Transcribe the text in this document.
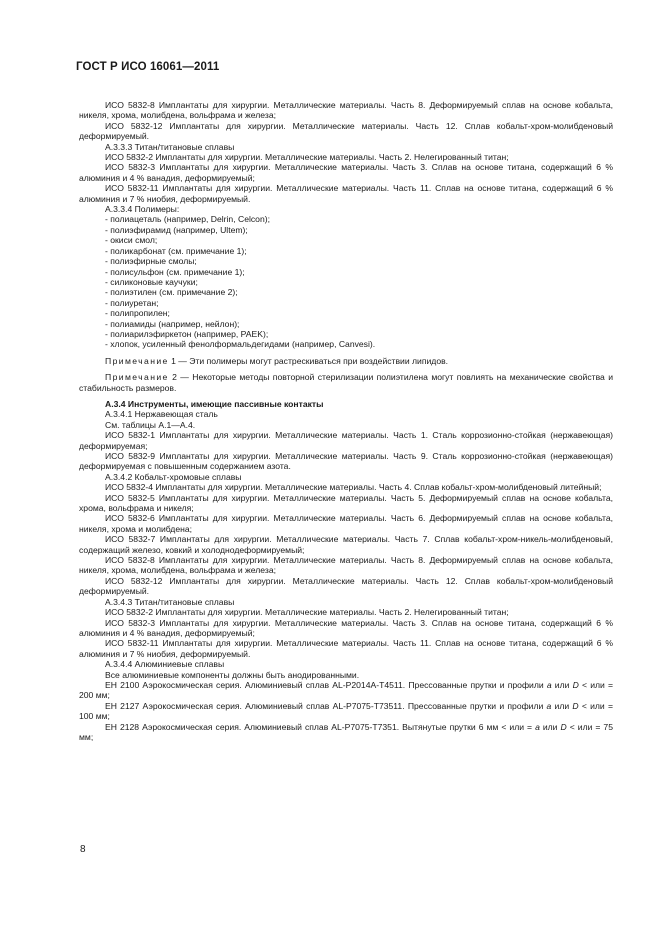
ГОСТ Р ИСО 16061—2011

ИСО 5832-8 Имплантаты для хирургии. Металлические материалы. Часть 8. Деформируемый сплав на основе кобальта, никеля, хрома, молибдена, вольфрама и железа;

ИСО 5832-12 Имплантаты для хирургии. Металлические материалы. Часть 12. Сплав кобальт-хром-молибденовый деформируемый.

А.3.3.3 Титан/титановые сплавы

ИСО 5832-2 Имплантаты для хирургии. Металлические материалы. Часть 2. Нелегированный титан;

ИСО 5832-3 Имплантаты для хирургии. Металлические материалы. Часть 3. Сплав на основе титана, содержащий 6 % алюминия и 4 % ванадия, деформируемый;

ИСО 5832-11 Имплантаты для хирургии. Металлические материалы. Часть 11. Сплав на основе титана, содержащий 6 % алюминия и 7 % ниобия, деформируемый.

А.3.3.4 Полимеры:

- полиацеталь (например, Delrin, Celcon);

- полиэфирамид (например, Ultem);

- окиси смол;

- поликарбонат (см. примечание 1);

- полиэфирные смолы;

- полисульфон (см. примечание 1);

- силиконовые каучуки;

- полиэтилен (см. примечание 2);

- полиуретан;

- полипропилен;

- полиамиды (например, нейлон);

- полиарилэфиркетон (например, PAEK);

- хлопок, усиленный фенолформальдегидами (например, Canvesi).

Примечание 1 — Эти полимеры могут растрескиваться при воздействии липидов.

Примечание 2 — Некоторые методы повторной стерилизации полиэтилена могут повлиять на механические свойства и стабильность размеров.

А.3.4 Инструменты, имеющие пассивные контакты

А.3.4.1 Нержавеющая сталь

См. таблицы А.1—А.4.

ИСО 5832-1 Имплантаты для хирургии. Металлические материалы. Часть 1. Сталь коррозионно-стойкая (нержавеющая) деформируемая;

ИСО 5832-9 Имплантаты для хирургии. Металлические материалы. Часть 9. Сталь коррозионно-стойкая (нержавеющая) деформируемая с повышенным содержанием азота.

А.3.4.2 Кобальт-хромовые сплавы

ИСО 5832-4 Имплантаты для хирургии. Металлические материалы. Часть 4. Сплав кобальт-хром-молибденовый литейный;

ИСО 5832-5 Имплантаты для хирургии. Металлические материалы. Часть 5. Деформируемый сплав на основе кобальта, хрома, вольфрама и никеля;

ИСО 5832-6 Имплантаты для хирургии. Металлические материалы. Часть 6. Деформируемый сплав на основе кобальта, никеля, хрома и молибдена;

ИСО 5832-7 Имплантаты для хирургии. Металлические материалы. Часть 7. Сплав кобальт-хром-никель-молибденовый, содержащий железо, ковкий и холоднодеформируемый;

ИСО 5832-8 Имплантаты для хирургии. Металлические материалы. Часть 8. Деформируемый сплав на основе кобальта, никеля, хрома, молибдена, вольфрама и железа;

ИСО 5832-12 Имплантаты для хирургии. Металлические материалы. Часть 12. Сплав кобальт-хром-молибденовый деформируемый.

А.3.4.3 Титан/титановые сплавы

ИСО 5832-2 Имплантаты для хирургии. Металлические материалы. Часть 2. Нелегированный титан;

ИСО 5832-3 Имплантаты для хирургии. Металлические материалы. Часть 3. Сплав на основе титана, содержащий 6 % алюминия и 4 % ванадия, деформируемый;

ИСО 5832-11 Имплантаты для хирургии. Металлические материалы. Часть 11. Сплав на основе титана, содержащий 6 % алюминия и 7 % ниобия, деформируемый.

А.3.4.4 Алюминиевые сплавы

Все алюминиевые компоненты должны быть анодированными.

ЕН 2100 Аэрокосмическая серия. Алюминиевый сплав AL-P2014A-T4511. Прессованные прутки и профили a или D < или = 200 мм;

ЕН 2127 Аэрокосмическая серия. Алюминиевый сплав AL-P7075-T73511. Прессованные прутки и профили a или D < или = 100 мм;

ЕН 2128 Аэрокосмическая серия. Алюминиевый сплав AL-P7075-T7351. Вытянутые прутки 6 мм < или = a или D < или = 75 мм;

8
